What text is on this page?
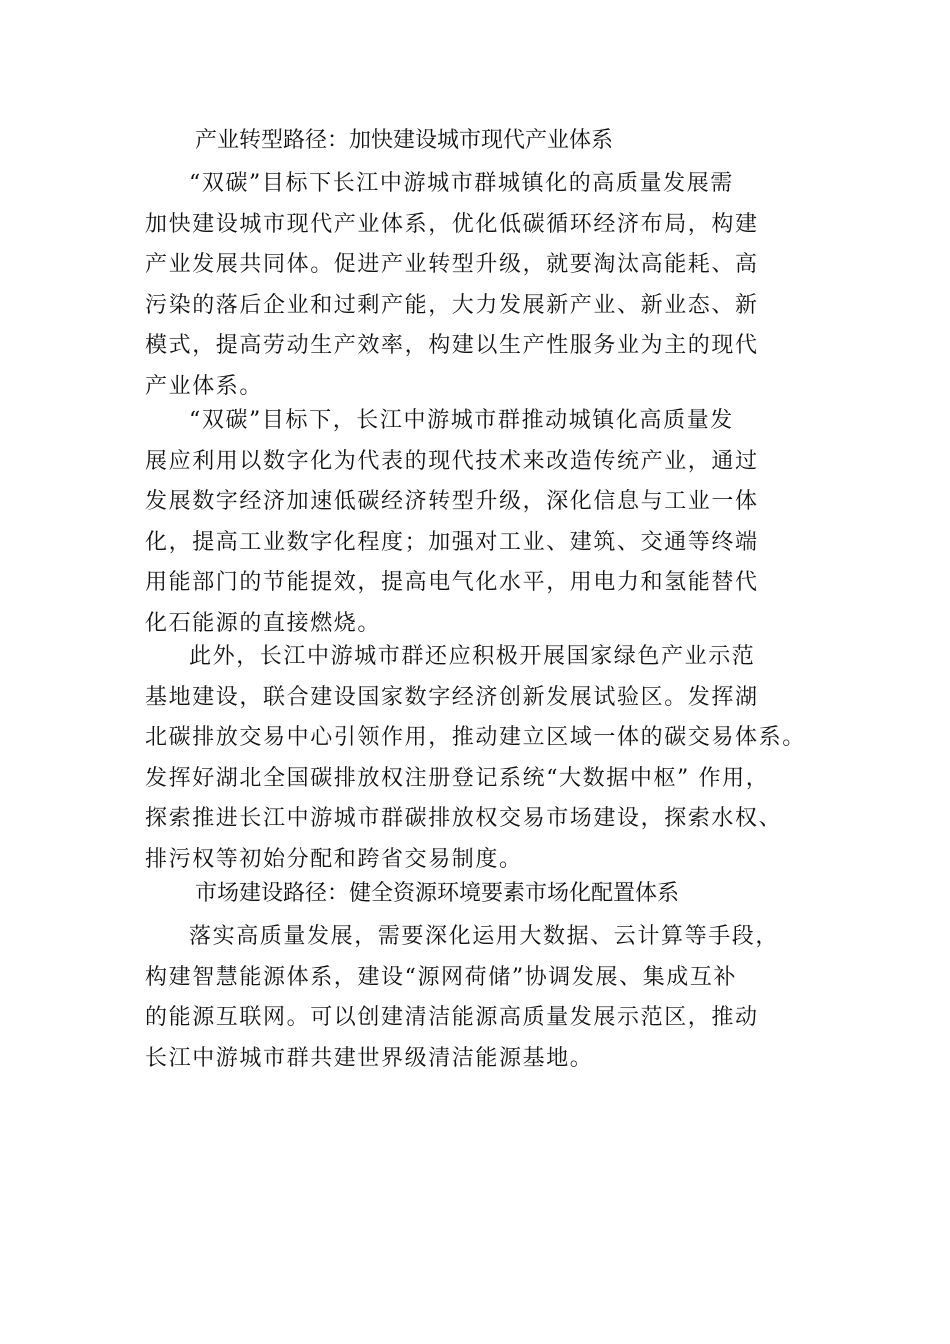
产业转型路径：加快建设城市现代产业体系
“双碳”目标下长江中游城市群城镇化的高质量发展需
加快建设城市现代产业体系，优化低碳循环经济布局，构建
产业发展共同体。促进产业转型升级，就要淘汰高能耗、高
污染的落后企业和过剩产能，大力发展新产业、新业态、新
模式，提高劳动生产效率，构建以生产性服务业为主的现代
产业体系。
“双碳”目标下，长江中游城市群推动城镇化高质量发
展应利用以数字化为代表的现代技术来改造传统产业，通过
发展数字经济加速低碳经济转型升级，深化信息与工业一体
化，提高工业数字化程度；加强对工业、建筑、交通等终端
用能部门的节能提效，提高电气化水平，用电力和氢能替代
化石能源的直接燃烧。
此外，长江中游城市群还应积极开展国家绿色产业示范
基地建设，联合建设国家数字经济创新发展试验区。发挥湖
北碳排放交易中心引领作用，推动建立区域一体的碳交易体系。
发挥好湖北全国碳排放权注册登记系统“大数据中枢” 作用，
探索推进长江中游城市群碳排放权交易市场建设，探索水权、
排污权等初始分配和跨省交易制度。
市场建设路径：健全资源环境要素市场化配置体系
落实高质量发展，需要深化运用大数据、云计算等手段，
构建智慧能源体系，建设“源网荷储”协调发展、集成互补
的能源互联网。可以创建清洁能源高质量发展示范区，推动
长江中游城市群共建世界级清洁能源基地。
